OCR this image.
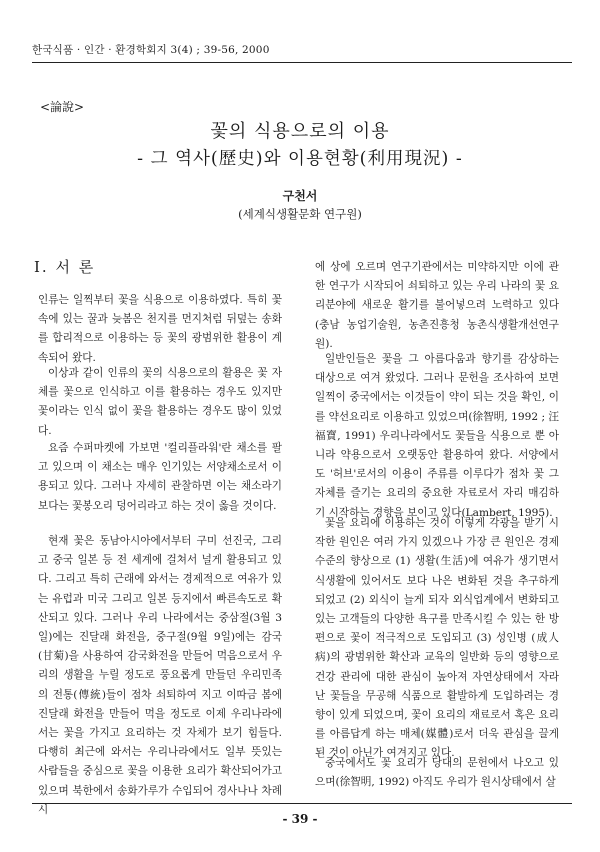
한국식품 · 인간 · 환경학회지 3(4) ; 39-56, 2000
<論說>
꽃의 식용으로의 이용
- 그 역사(歷史)와 이용현황(利用現況) -
구천서
(세계식생활문화 연구원)
Ⅰ. 서 론

인류는 일찍부터 꽃을 식용으로 이용하였다. 특히 꽃 속에 있는 꿀과 늦봄은 천지를 먼지처럼 뒤덮는 송화를 합리적으로 이용하는 등 꽃의 광범위한 활용이 계속되어 왔다.

이상과 같이 인류의 꽃의 식용으로의 활용은 꽃 자체를 꽃으로 인식하고 이를 활용하는 경우도 있지만 꽃이라는 인식 없이 꽃을 활용하는 경우도 많이 있었다.

요즘 수퍼마켓에 가보면 '컬리플라워'란 채소를 팔고 있으며 이 채소는 매우 인기있는 서양채소로서 이용되고 있다. 그러나 자세히 관찰하면 이는 채소라기 보다는 꽃봉오리 덩어리라고 하는 것이 옳을 것이다.

현재 꽃은 동남아시아에서부터 구미 선진국, 그리고 중국 일본 등 전 세계에 걸쳐서 널게 활용되고 있다. 그리고 특히 근래에 와서는 경제적으로 여유가 있는 유럽과 미국 그리고 일본 등지에서 빠른속도로 확산되고 있다. 그러나 우리 나라에서는 중삼절(3월 3일)에는 진달래 화전을, 중구절(9월 9일)에는 감국(甘菊)을 사용하여 감국화전을 만들어 먹음으로서 우리의 생활을 누릴 정도로 풍요롭게 만들던 우리민족의 전통(傳統)들이 점차 쇠퇴하여 지고 이따금 봄에 진달래 화전을 만들어 먹을 정도로 이제 우리나라에서는 꽃을 가지고 요리하는 것 자체가 보기 힘들다. 다행히 최근에 와서는 우리나라에서도 일부 뜻있는 사람들을 중심으로 꽃을 이용한 요리가 확산되어가고 있으며 북한에서 송화가루가 수입되어 경사나나 차례시

에 상에 오르며 연구기관에서는 미약하지만 이에 관한 연구가 시작되어 쇠퇴하고 있는 우리 나라의 꽃 요리분야에 새로운 활기를 불어넣으려 노력하고 있다 (충남 농업기술원, 농촌진흥청 농촌식생활개선연구원).

일반인들은 꽃을 그 아름다움과 향기를 감상하는 대상으로 여겨 왔었다. 그러나 문헌을 조사하여 보면 일찍이 중국에서는 이것들이 약이 되는 것을 확인, 이를 약선요리로 이용하고 있었으며(徐智明, 1992 ; 汪福寶, 1991) 우리나라에서도 꽃들을 식용으로 뿐 아니라 약용으로서 오랫동안 활용하여 왔다. 서양에서도 '허브'로서의 이용이 주류를 이루다가 점차 꽃 그 자체를 즐기는 요리의 중요한 자료로서 자리 매김하기 시작하는 경향을 보이고 있다(Lambert, 1995).

꽃을 요리에 이용하는 것이 이렇게 각광을 받기 시작한 원인은 여러 가지 있겠으나 가장 큰 원인은 경제수준의 향상으로 (1) 생활(生活)에 여유가 생기면서 식생활에 있어서도 보다 나은 변화된 것을 추구하게 되었고 (2) 외식이 늘게 되자 외식업계에서 변화되고 있는 고객들의 다양한 욕구를 만족시킬 수 있는 한 방편으로 꽃이 적극적으로 도입되고 (3) 성인병 (成人病)의 광범위한 확산과 교육의 일반화 등의 영향으로 건강 관리에 대한 관심이 높아져 자연상태에서 자라난 꽃들을 무공해 식품으로 활발하게 도입하려는 경향이 있게 되었으며, 꽃이 요리의 재료로서 혹은 요리를 아름답게 하는 매체(媒體)로서 더욱 관심을 끌게 된 것이 아닌가 여겨지고 있다.

중국에서도 꽃 요리가 당대의 문헌에서 나오고 있으며(徐智明, 1992) 아직도 우리가 원시상태에서 살

- 39 -
